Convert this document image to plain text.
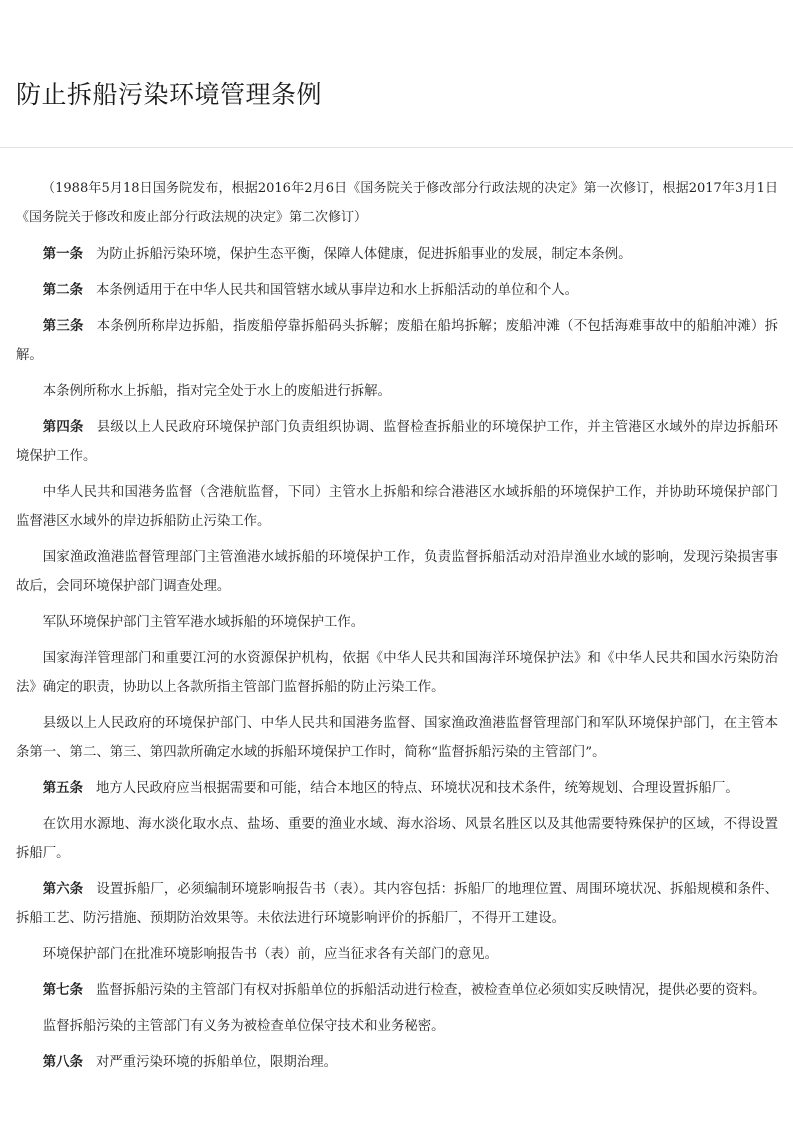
防止拆船污染环境管理条例

（1988年5月18日国务院发布，根据2016年2月6日《国务院关于修改部分行政法规的决定》第一次修订，根据2017年3月1日《国务院关于修改和废止部分行政法规的决定》第二次修订）

第一条 为防止拆船污染环境，保护生态平衡，保障人体健康，促进拆船事业的发展，制定本条例。

第二条 本条例适用于在中华人民共和国管辖水域从事岸边和水上拆船活动的单位和个人。

第三条 本条例所称岸边拆船，指废船停靠拆船码头拆解；废船在船坞拆解；废船冲滩（不包括海难事故中的船舶冲滩）拆解。

本条例所称水上拆船，指对完全处于水上的废船进行拆解。

第四条 县级以上人民政府环境保护部门负责组织协调、监督检查拆船业的环境保护工作，并主管港区水域外的岸边拆船环境保护工作。

中华人民共和国港务监督（含港航监督，下同）主管水上拆船和综合港港区水域拆船的环境保护工作，并协助环境保护部门监督港区水域外的岸边拆船防止污染工作。

国家渔政渔港监督管理部门主管渔港水域拆船的环境保护工作，负责监督拆船活动对沿岸渔业水域的影响，发现污染损害事故后，会同环境保护部门调查处理。

军队环境保护部门主管军港水域拆船的环境保护工作。

国家海洋管理部门和重要江河的水资源保护机构，依据《中华人民共和国海洋环境保护法》和《中华人民共和国水污染防治法》确定的职责，协助以上各款所指主管部门监督拆船的防止污染工作。

县级以上人民政府的环境保护部门、中华人民共和国港务监督、国家渔政渔港监督管理部门和军队环境保护部门，在主管本条第一、第二、第三、第四款所确定水域的拆船环境保护工作时，简称“监督拆船污染的主管部门”。

第五条 地方人民政府应当根据需要和可能，结合本地区的特点、环境状况和技术条件，统筹规划、合理设置拆船厂。

在饮用水源地、海水淡化取水点、盐场、重要的渔业水域、海水浴场、风景名胜区以及其他需要特殊保护的区域，不得设置拆船厂。

第六条 设置拆船厂，必须编制环境影响报告书（表）。其内容包括：拆船厂的地理位置、周围环境状况、拆船规模和条件、拆船工艺、防污措施、预期防治效果等。未依法进行环境影响评价的拆船厂，不得开工建设。

环境保护部门在批准环境影响报告书（表）前，应当征求各有关部门的意见。

第七条 监督拆船污染的主管部门有权对拆船单位的拆船活动进行检查，被检查单位必须如实反映情况，提供必要的资料。

监督拆船污染的主管部门有义务为被检查单位保守技术和业务秘密。

第八条 对严重污染环境的拆船单位，限期治理。
